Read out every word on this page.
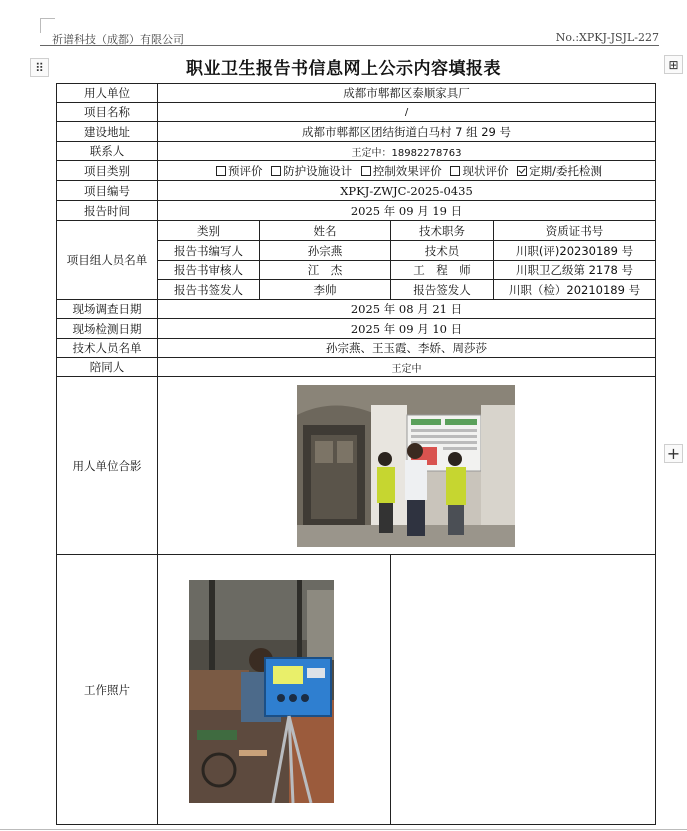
祈谱科技（成都）有限公司	No.:XPKJ-JSJL-227
⠿	⊞
+
职业卫生报告书信息网上公示内容填报表
用人单位	成都市郫都区泰顺家具厂			
项目名称	/			
建设地址	成都市郫都区团结街道白马村 7 组 29 号			
联系人	王定中：18982278763			
项目类别	预评价 防护设施设计 控制效果评价 现状评价 定期/委托检测			
项目编号	XPKJ-ZWJC-2025-0435			
报告时间	2025 年 09 月 19 日			
项目组人员名单	类别	姓名	技术职务	资质证书号
	报告书编写人	孙宗燕	技术员	川职(评)20230189 号
	报告书审核人	江　杰	工　程　师	川职卫乙级第 2178 号
	报告书签发人	李帅	报告签发人	川职（检）20210189 号
现场调查日期	2025 年 08 月 21 日			
现场检测日期	2025 年 09 月 10 日			
技术人员名单	孙宗燕、王玉霞、李娇、周莎莎			
陪同人	王定中			
用人单位合影				
工作照片				
